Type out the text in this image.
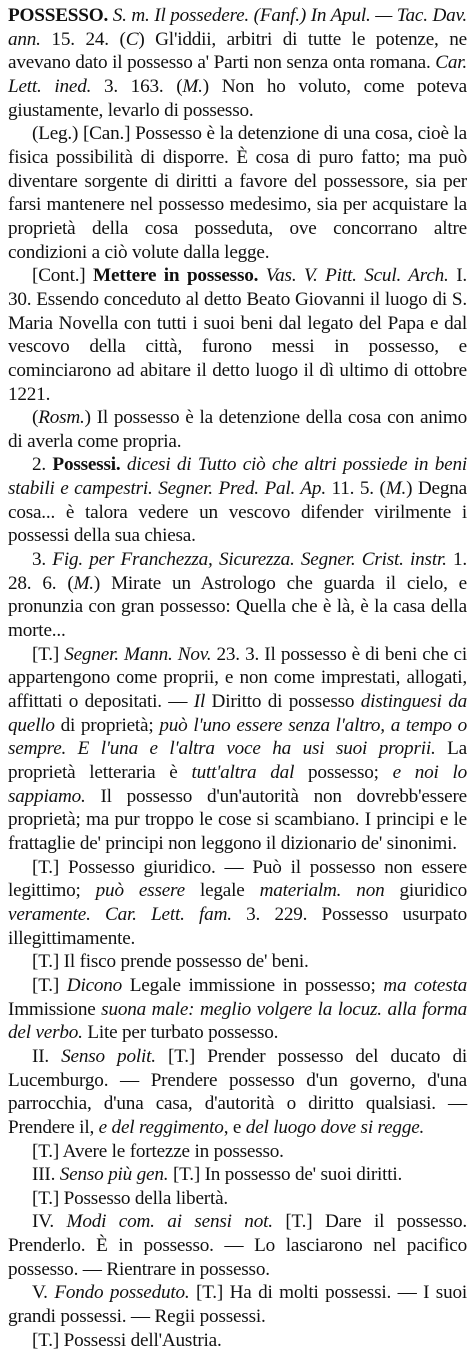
POSSESSO. S. m. Il possedere. (Fanf.) In Apul. — Tac. Dav. ann. 15. 24. (C) Gl'iddii, arbitri di tutte le potenze, ne avevano dato il possesso a' Parti non senza onta romana. Car. Lett. ined. 3. 163. (M.) Non ho voluto, come poteva giustamente, levarlo di possesso.

(Leg.) [Can.] Possesso è la detenzione di una cosa, cioè la fisica possibilità di disporre. È cosa di puro fatto; ma può diventare sorgente di diritti a favore del possessore, sia per farsi mantenere nel possesso medesimo, sia per acquistare la proprietà della cosa posseduta, ove concorrano altre condizioni a ciò volute dalla legge.

[Cont.] Mettere in possesso. Vas. V. Pitt. Scul. Arch. I. 30. Essendo conceduto al detto Beato Giovanni il luogo di S. Maria Novella con tutti i suoi beni dal legato del Papa e dal vescovo della città, furono messi in possesso, e cominciarono ad abitare il detto luogo il dì ultimo di ottobre 1221.

(Rosm.) Il possesso è la detenzione della cosa con animo di averla come propria.

2. Possessi. dicesi di Tutto ciò che altri possiede in beni stabili e campestri. Segner. Pred. Pal. Ap. 11. 5. (M.) Degna cosa... è talora vedere un vescovo difender virilmente i possessi della sua chiesa.

3. Fig. per Franchezza, Sicurezza. Segner. Crist. instr. 1. 28. 6. (M.) Mirate un Astrologo che guarda il cielo, e pronunzia con gran possesso: Quella che è là, è la casa della morte...

[T.] Segner. Mann. Nov. 23. 3. Il possesso è di beni che ci appartengono come proprii, e non come imprestati, allogati, affittati o depositati. — Il Diritto di possesso distinguesi da quello di proprietà; può l'uno essere senza l'altro, a tempo o sempre. E l'una e l'altra voce ha usi suoi proprii. La proprietà letteraria è tutt'altra dal possesso; e noi lo sappiamo. Il possesso d'un'autorità non dovrebb'essere proprietà; ma pur troppo le cose si scambiano. I principi e le frattaglie de' principi non leggono il dizionario de' sinonimi.

[T.] Possesso giuridico. — Può il possesso non essere legittimo; può essere legale materialm. non giuridico veramente. Car. Lett. fam. 3. 229. Possesso usurpato illegittimamente.

[T.] Il fisco prende possesso de' beni.

[T.] Dicono Legale immissione in possesso; ma cotesta Immissione suona male: meglio volgere la locuz. alla forma del verbo. Lite per turbato possesso.

II. Senso polit. [T.] Prender possesso del ducato di Lucemburgo. — Prendere possesso d'un governo, d'una parrocchia, d'una casa, d'autorità o diritto qualsiasi. — Prendere il, e del reggimento, e del luogo dove si regge.

[T.] Avere le fortezze in possesso.

III. Senso più gen. [T.] In possesso de' suoi diritti.

[T.] Possesso della libertà.

IV. Modi com. ai sensi not. [T.] Dare il possesso. Prenderlo. È in possesso. — Lo lasciarono nel pacifico possesso. — Rientrare in possesso.

V. Fondo posseduto. [T.] Ha di molti possessi. — I suoi grandi possessi. — Regii possessi.

[T.] Possessi dell'Austria.
